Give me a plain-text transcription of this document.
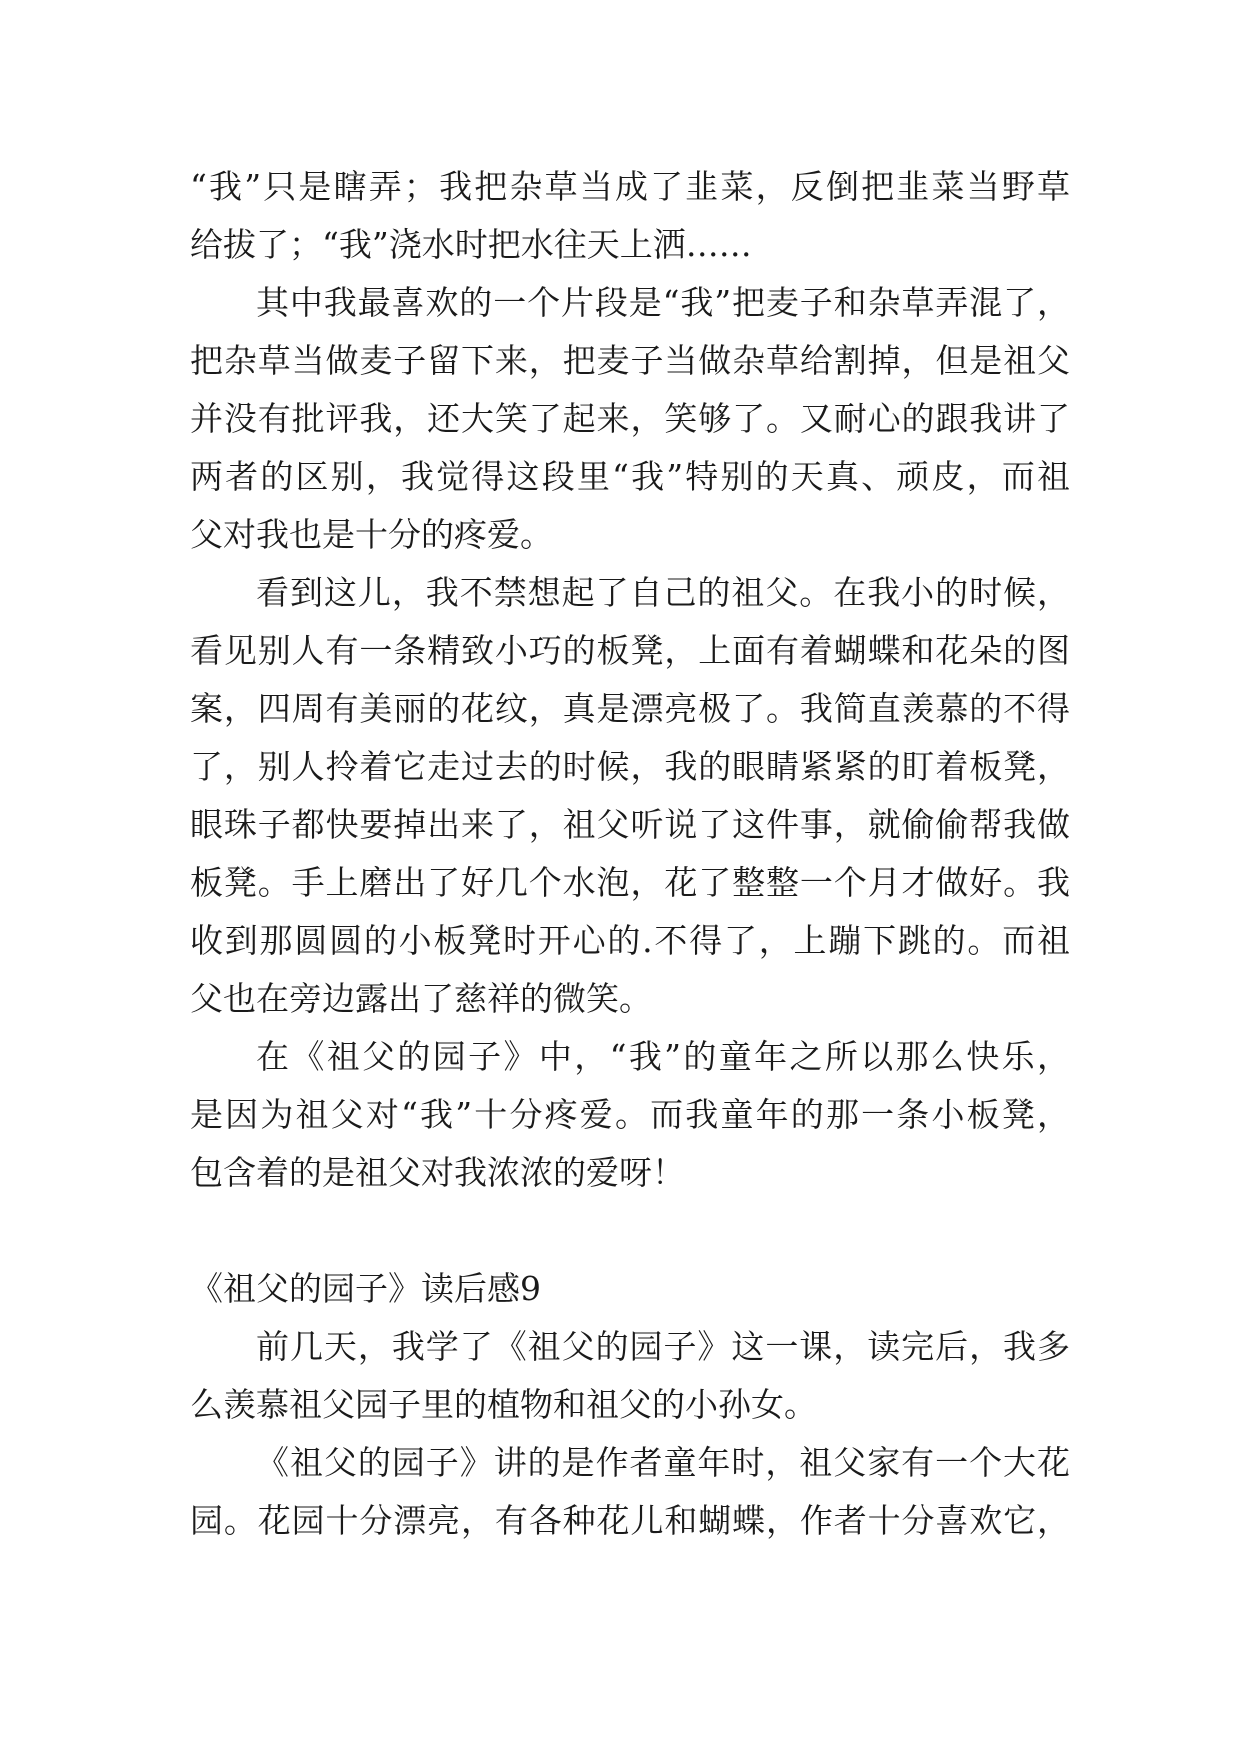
“我”只是瞎弄；我把杂草当成了韭菜，反倒把韭菜当野草
给拔了；“我”浇水时把水往天上洒……
其中我最喜欢的一个片段是“我”把麦子和杂草弄混了，
把杂草当做麦子留下来，把麦子当做杂草给割掉，但是祖父
并没有批评我，还大笑了起来，笑够了。又耐心的跟我讲了
两者的区别，我觉得这段里“我”特别的天真、顽皮，而祖
父对我也是十分的疼爱。
看到这儿，我不禁想起了自己的祖父。在我小的时候，
看见别人有一条精致小巧的板凳，上面有着蝴蝶和花朵的图
案，四周有美丽的花纹，真是漂亮极了。我简直羡慕的不得
了，别人拎着它走过去的时候，我的眼睛紧紧的盯着板凳，
眼珠子都快要掉出来了，祖父听说了这件事，就偷偷帮我做
板凳。手上磨出了好几个水泡，花了整整一个月才做好。我
收到那圆圆的小板凳时开心的.不得了，上蹦下跳的。而祖
父也在旁边露出了慈祥的微笑。
在《祖父的园子》中，“我”的童年之所以那么快乐，
是因为祖父对“我”十分疼爱。而我童年的那一条小板凳，
包含着的是祖父对我浓浓的爱呀！
《祖父的园子》读后感9
前几天，我学了《祖父的园子》这一课，读完后，我多
么羡慕祖父园子里的植物和祖父的小孙女。
《祖父的园子》讲的是作者童年时，祖父家有一个大花
园。花园十分漂亮，有各种花儿和蝴蝶，作者十分喜欢它，
